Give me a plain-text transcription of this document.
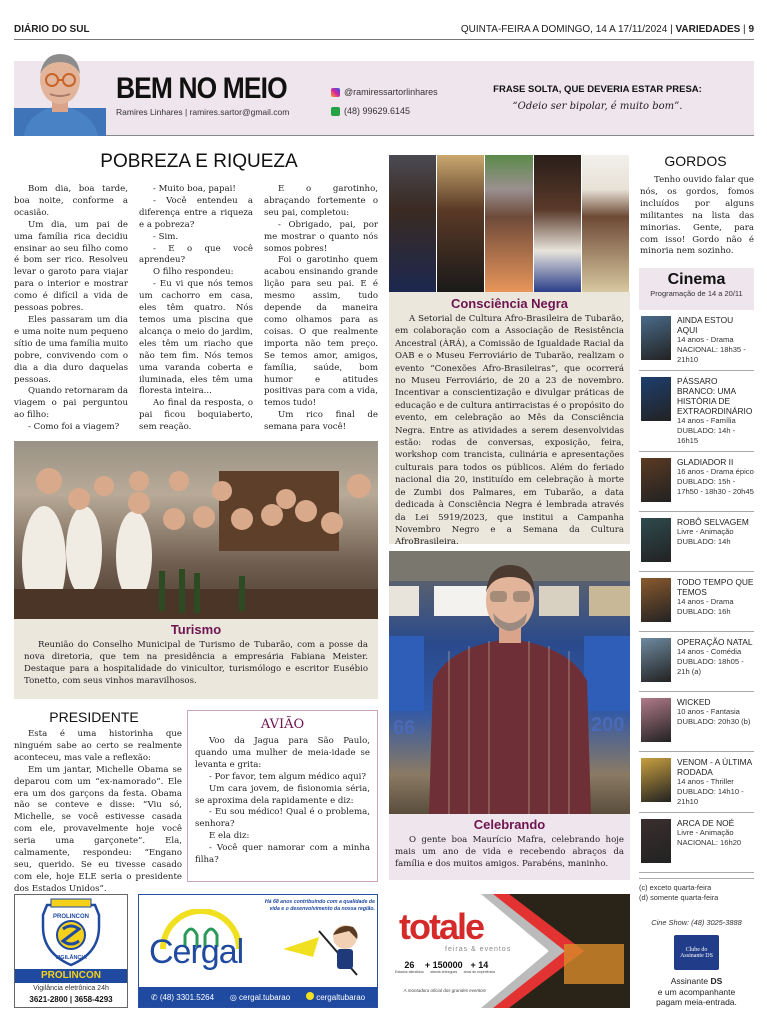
DIÁRIO DO SUL	QUINTA-FEIRA A DOMINGO, 14 A 17/11/2024 | VARIEDADES | 9
BEM NO MEIO
Ramires Linhares | ramires.sartor@gmail.com
@ramiressartorlinhares
(48) 99629.6145
FRASE SOLTA, QUE DEVERIA ESTAR PRESA:
“Odeio ser bipolar, é muito bom”.
POBREZA E RIQUEZA

Bom dia, boa tarde, boa noite, conforme a ocasião.

Um dia, um pai de uma família rica decidiu ensinar ao seu filho como é bom ser rico. Resolveu levar o garoto para viajar para o interior e mostrar como é difícil a vida de pessoas pobres.

Eles passaram um dia e uma noite num pequeno sítio de uma família muito pobre, convivendo com o dia a dia duro daquelas pessoas.

Quando retornaram da viagem o pai perguntou ao filho:

- Como foi a viagem?

- Muito boa, papai!

- Você entendeu a diferença entre a riqueza e a pobreza?

- Sim.

- E o que você aprendeu?

O filho respondeu:

- Eu vi que nós temos um cachorro em casa, eles têm quatro. Nós temos uma piscina que alcança o meio do jardim, eles têm um riacho que não tem fim. Nós temos uma varanda coberta e iluminada, eles têm uma floresta inteira...

Ao final da resposta, o pai ficou boquiaberto, sem reação.

E o garotinho, abraçando fortemente o seu pai, completou:

- Obrigado, pai, por me mostrar o quanto nós somos pobres!

Foi o garotinho quem acabou ensinando grande lição para seu pai. E é mesmo assim, tudo depende da maneira como olhamos para as coisas. O que realmente importa não tem preço. Se temos amor, amigos, família, saúde, bom humor e atitudes positivas para com a vida, temos tudo!

Um rico final de semana para você!

Consciência Negra

A Setorial de Cultura Afro-Brasileira de Tubarão, em colaboração com a Associação de Resistência Ancestral (ÀRÁ), a Comissão de Igualdade Racial da OAB e o Museu Ferroviário de Tubarão, realizam o evento “Conexões Afro-Brasileiras”, que ocorrerá no Museu Ferroviário, de 20 a 23 de novembro. Incentivar a conscientização e divulgar práticas de educação e de cultura antirracistas é o propósito do evento, em celebração ao Mês da Consciência Negra. Entre as atividades a serem desenvolvidas estão: rodas de conversas, exposição, feira, workshop com trancista, culinária e apresentações culturais para todos os públicos. Além do feriado nacional dia 20, instituído em celebração à morte de Zumbi dos Palmares, em Tubarão, a data dedicada à Consciência Negra é lembrada através da Lei 5919/2023, que institui a Campanha Novembro Negro e a Semana da Cultura AfroBrasileira.

GORDOS

Tenho ouvido falar que nós, os gordos, fomos incluídos por alguns militantes na lista das minorias. Gente, para com isso! Gordo não é minoria nem sozinho.

Cinema
Programação de 14 a 20/11
AINDA ESTOU AQUI
14 anos - Drama
NACIONAL: 18h35 - 21h10
PÁSSARO BRANCO: UMA HISTÓRIA DE EXTRAORDINÁRIO
14 anos - Família
DUBLADO: 14h - 16h15
GLADIADOR II
16 anos - Drama épico
DUBLADO: 15h - 17h50 - 18h30 - 20h45
ROBÔ SELVAGEM
Livre - Animação
DUBLADO: 14h
TODO TEMPO QUE TEMOS
14 anos - Drama
DUBLADO: 16h
OPERAÇÃO NATAL
14 anos - Comédia
DUBLADO: 18h05 - 21h (a)
WICKED
10 anos - Fantasia
DUBLADO: 20h30 (b)
VENOM - A ÚLTIMA RODADA
14 anos - Thriller
DUBLADO: 14h10 - 21h10
ARCA DE NOÉ
Livre - Animação
NACIONAL: 16h20
(c) exceto quarta-feira
(d) somente quarta-feira
Cine Show: (48) 3025-3888
Clube do Assinante DS
Assinante DS
e um acompanhante
pagam meia-entrada.
Turismo

Reunião do Conselho Municipal de Turismo de Tubarão, com a posse da nova diretoria, que tem na presidência a empresária Fabiana Meister. Destaque para a hospitalidade do vinicultor, turismólogo e escritor Eusébio Tonetto, com seus vinhos maravilhosos.

PRESIDENTE

Esta é uma historinha que ninguém sabe ao certo se realmente aconteceu, mas vale a reflexão:

Em um jantar, Michelle Obama se deparou com um “ex-namorado”. Ele era um dos garçons da festa. Obama não se conteve e disse: “Viu só, Michelle, se você estivesse casada com ele, provavelmente hoje você seria uma garçonete”. Ela, calmamente, respondeu: “Engano seu, querido. Se eu tivesse casado com ele, hoje ELE seria o presidente dos Estados Unidos”.

AVIÃO

Voo da Jagua para São Paulo, quando uma mulher de meia-idade se levanta e grita:

- Por favor, tem algum médico aqui?

Um cara jovem, de fisionomia séria, se aproxima dela rapidamente e diz:

- Eu sou médico! Qual é o problema, senhora?

E ela diz:

- Você quer namorar com a minha filha?

66	200
Celebrando

O gente boa Maurício Mafra, celebrando hoje mais um ano de vida e recebendo abraços da família e dos muitos amigos. Parabéns, maninho.

PROLINCON
VIGILÂNCIA
PROLINCON
Vigilância eletrônica 24h
3621-2800 | 3658-4293
Cergal
Há 68 anos contribuindo com a qualidade de vida e o desenvolvimento da nossa região.
✆ (48) 3301.5264 ◎ cergal.tubarao	cergaltubarao
totale
feiras & eventos
26
Estados atendidos
+ 150000
stands entregues
+ 14
anos de experiência
A montadora oficial dos grandes eventos!
